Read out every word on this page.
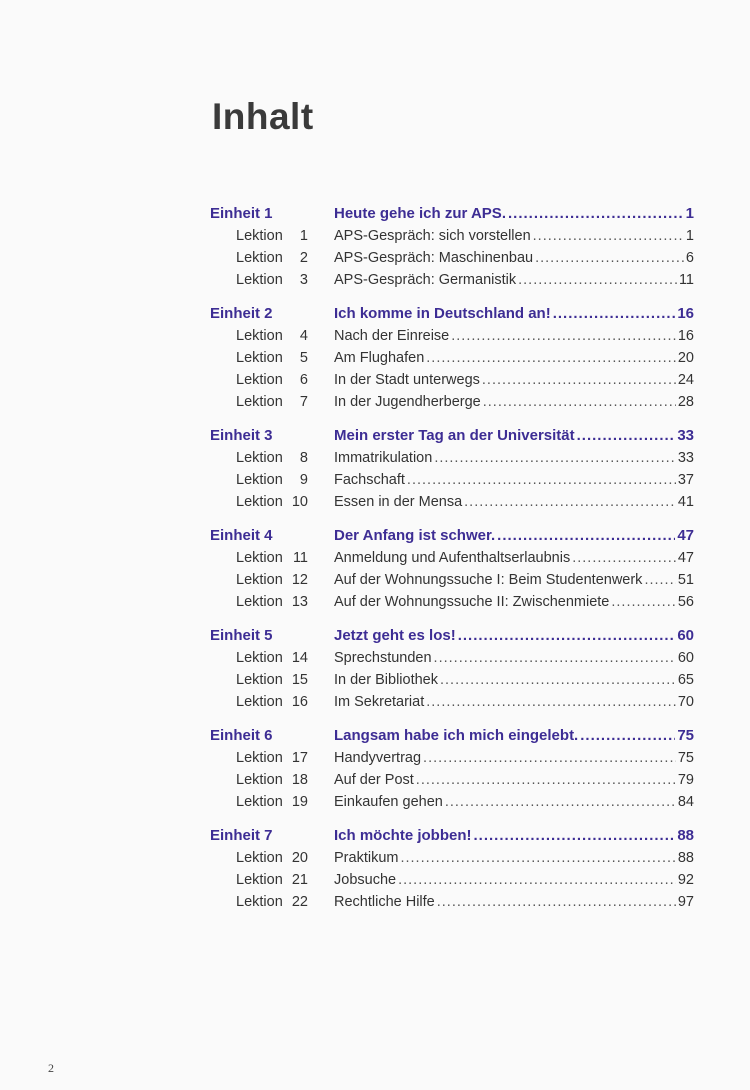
Inhalt
Einheit 1	Heute gehe ich zur APS. .....	1
Lektion	1 APS-Gespräch: sich vorstellen .....	1
Lektion	2 APS-Gespräch: Maschinenbau .....	6
Lektion	3 APS-Gespräch: Germanistik .....	11
Einheit 2	Ich komme in Deutschland an! .....	16
Lektion	4 Nach der Einreise .....	16
Lektion	5 Am Flughafen .....	20
Lektion	6 In der Stadt unterwegs .....	24
Lektion	7 In der Jugendherberge .....	28
Einheit 3	Mein erster Tag an der Universität .....	33
Lektion	8 Immatrikulation .....	33
Lektion	9 Fachschaft .....	37
Lektion 10 Essen in der Mensa .....	41
Einheit 4	Der Anfang ist schwer. .....	47
Lektion 11 Anmeldung und Aufenthaltserlaubnis .....	47
Lektion 12 Auf der Wohnungssuche I: Beim Studentenwerk ..... 51
Lektion 13 Auf der Wohnungssuche II: Zwischenmiete .....	56
Einheit 5	Jetzt geht es los! .....	60
Lektion 14 Sprechstunden .....	60
Lektion 15 In der Bibliothek .....	65
Lektion 16 Im Sekretariat .....	70
Einheit 6	Langsam habe ich mich eingelebt. .....	75
Lektion 17 Handyvertrag .....	75
Lektion 18 Auf der Post .....	79
Lektion 19 Einkaufen gehen .....	84
Einheit 7	Ich möchte jobben! .....	88
Lektion 20 Praktikum .....	88
Lektion 21 Jobsuche .....	92
Lektion 22 Rechtliche Hilfe .....	97
2
